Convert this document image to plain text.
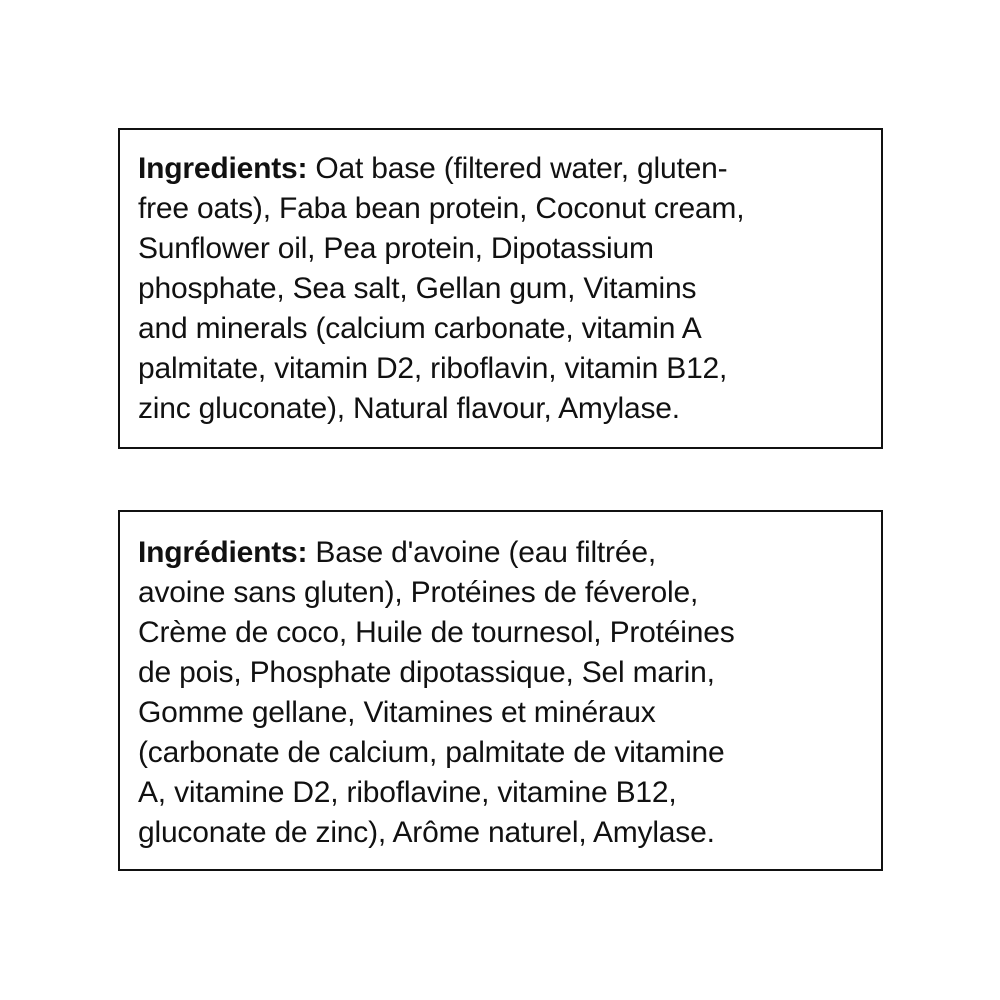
Ingredients: Oat base (filtered water, gluten-
free oats), Faba bean protein, Coconut cream,
Sunflower oil, Pea protein, Dipotassium
phosphate, Sea salt, Gellan gum, Vitamins
and minerals (calcium carbonate, vitamin A
palmitate, vitamin D2, riboflavin, vitamin B12,
zinc gluconate), Natural flavour, Amylase.

Ingrédients: Base d'avoine (eau filtrée,
avoine sans gluten), Protéines de féverole,
Crème de coco, Huile de tournesol, Protéines
de pois, Phosphate dipotassique, Sel marin,
Gomme gellane, Vitamines et minéraux
(carbonate de calcium, palmitate de vitamine
A, vitamine D2, riboflavine, vitamine B12,
gluconate de zinc), Arôme naturel, Amylase.
